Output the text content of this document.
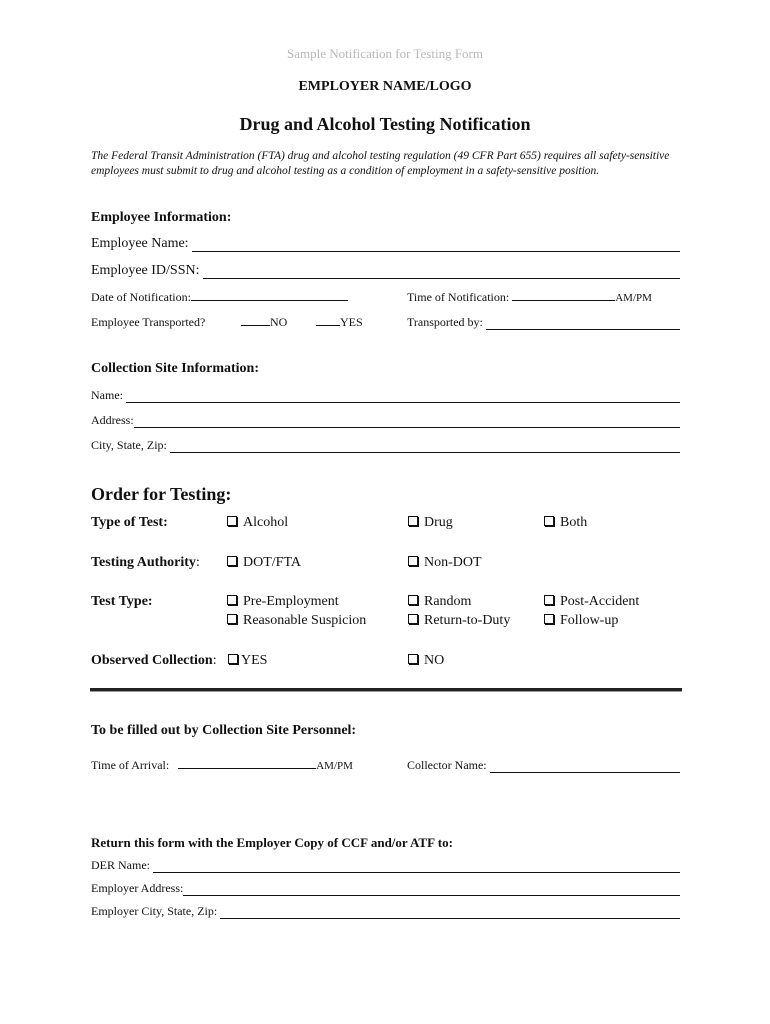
Sample Notification for Testing Form
EMPLOYER NAME/LOGO
Drug and Alcohol Testing Notification
The Federal Transit Administration (FTA) drug and alcohol testing regulation (49 CFR Part 655) requires all safety-sensitive employees must submit to drug and alcohol testing as a condition of employment in a safety-sensitive position.
Employee Information:
Employee Name:
Employee ID/SSN:
Date of Notification:	Time of Notification:	AM/PM
Employee Transported?	NO	YES	Transported by:
Collection Site Information:
Name:
Address:
City, State, Zip:
Order for Testing:
Type of Test:	Alcohol	Drug	Both
Testing Authority:	DOT/FTA	Non-DOT
Test Type:	Pre-Employment	Random	Post-Accident
Reasonable Suspicion	Return-to-Duty	Follow-up
Observed Collection:	YES	NO
To be filled out by Collection Site Personnel:
Time of Arrival:	AM/PM	Collector Name:
Return this form with the Employer Copy of CCF and/or ATF to:
DER Name:
Employer Address:
Employer City, State, Zip:
